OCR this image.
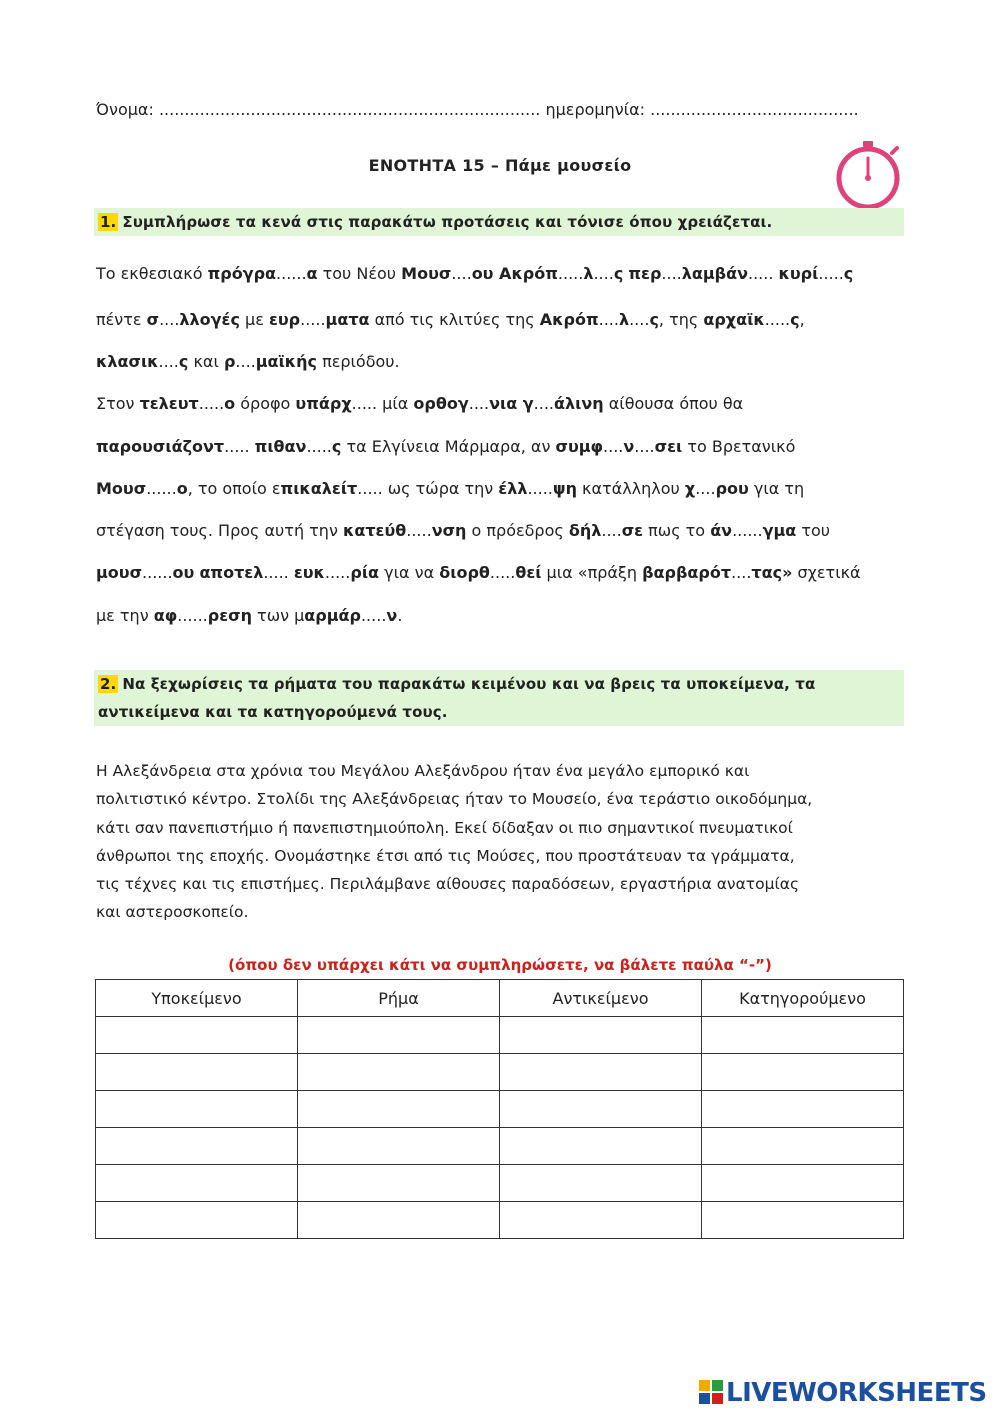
Όνομα: ........................................................................... ημερομηνία: .........................................
ΕΝΟΤΗΤΑ 15 – Πάμε μουσείο
1. Συμπλήρωσε τα κενά στις παρακάτω προτάσεις και τόνισε όπου χρειάζεται.
Το εκθεσιακό πρόγρα......α του Νέου Μουσ....ου Ακρόπ.....λ....ς περ....λαμβάν..... κυρί.....ς
πέντε σ....λλογές με ευρ.....ματα από τις κλιτύες της Ακρόπ....λ....ς, της αρχαϊκ.....ς,
κλασικ....ς και ρ....μαϊκής περιόδου.
Στον τελευτ.....ο όροφο υπάρχ..... μία ορθογ....νια γ....άλινη αίθουσα όπου θα
παρουσιάζοντ..... πιθαν.....ς τα Ελγίνεια Μάρμαρα, αν συμφ....ν....σει το Βρετανικό
Μουσ......ο, το οποίο επικαλείτ..... ως τώρα την έλλ.....ψη κατάλληλου χ....ρου για τη
στέγαση τους. Προς αυτή την κατεύθ.....νση ο πρόεδρος δήλ....σε πως το άν......γμα του
μουσ......ου αποτελ..... ευκ.....ρία για να διορθ.....θεί μια «πράξη βαρβαρότ....τας» σχετικά
με την αφ......ρεση των μαρμάρ.....ν.
2. Να ξεχωρίσεις τα ρήματα του παρακάτω κειμένου και να βρεις τα υποκείμενα, τα
αντικείμενα και τα κατηγορούμενά τους.
Η Αλεξάνδρεια στα χρόνια του Μεγάλου Αλεξάνδρου ήταν ένα μεγάλο εμπορικό και
πολιτιστικό κέντρο. Στολίδι της Αλεξάνδρειας ήταν το Μουσείο, ένα τεράστιο οικοδόμημα,
κάτι σαν πανεπιστήμιο ή πανεπιστημιούπολη. Εκεί δίδαξαν οι πιο σημαντικοί πνευματικοί
άνθρωποι της εποχής. Ονομάστηκε έτσι από τις Μούσες, που προστάτευαν τα γράμματα,
τις τέχνες και τις επιστήμες. Περιλάμβανε αίθουσες παραδόσεων, εργαστήρια ανατομίας
και αστεροσκοπείο.
(όπου δεν υπάρχει κάτι να συμπληρώσετε, να βάλετε παύλα “-”)
Υποκείμενο	Ρήμα	Αντικείμενο	Κατηγορούμενο

LIVEWORKSHEETS
